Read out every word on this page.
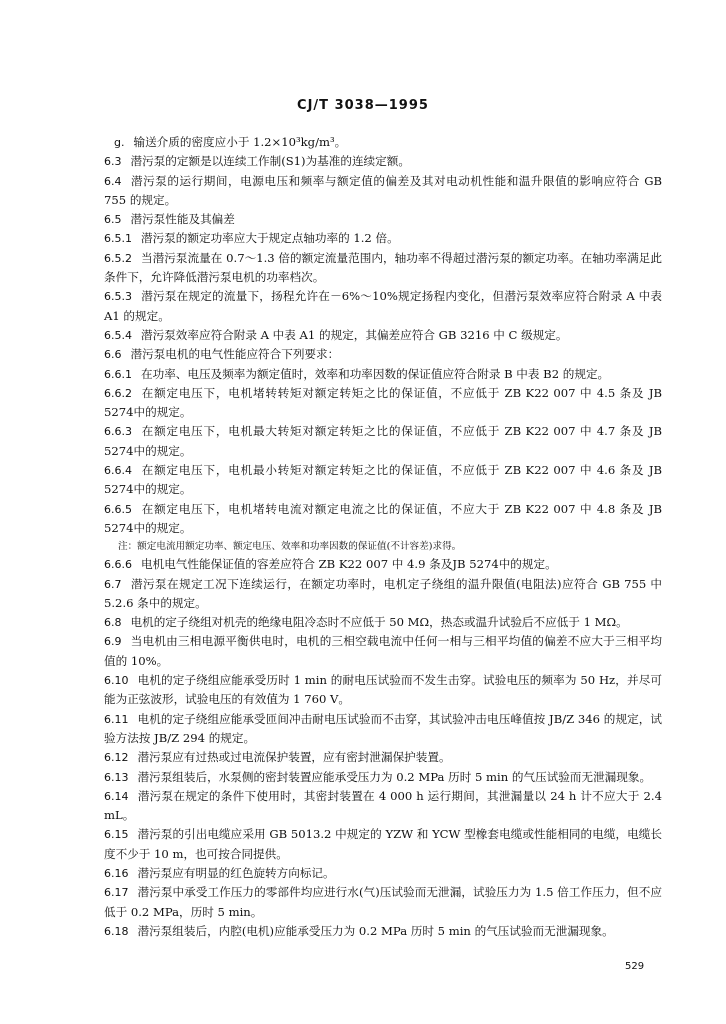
CJ/T 3038—1995

g. 输送介质的密度应小于 1.2×10³kg/m³。

6.3 潜污泵的定额是以连续工作制(S1)为基准的连续定额。

6.4 潜污泵的运行期间，电源电压和频率与额定值的偏差及其对电动机性能和温升限值的影响应符合 GB 755 的规定。

6.5 潜污泵性能及其偏差

6.5.1 潜污泵的额定功率应大于规定点轴功率的 1.2 倍。

6.5.2 当潜污泵流量在 0.7～1.3 倍的额定流量范围内，轴功率不得超过潜污泵的额定功率。在轴功率满足此条件下，允许降低潜污泵电机的功率档次。

6.5.3 潜污泵在规定的流量下，扬程允许在－6%～10%规定扬程内变化，但潜污泵效率应符合附录 A 中表 A1 的规定。

6.5.4 潜污泵效率应符合附录 A 中表 A1 的规定，其偏差应符合 GB 3216 中 C 级规定。

6.6 潜污泵电机的电气性能应符合下列要求：

6.6.1 在功率、电压及频率为额定值时，效率和功率因数的保证值应符合附录 B 中表 B2 的规定。

6.6.2 在额定电压下，电机堵转转矩对额定转矩之比的保证值，不应低于 ZB K22 007 中 4.5 条及 JB 5274中的规定。

6.6.3 在额定电压下，电机最大转矩对额定转矩之比的保证值，不应低于 ZB K22 007 中 4.7 条及 JB 5274中的规定。

6.6.4 在额定电压下，电机最小转矩对额定转矩之比的保证值，不应低于 ZB K22 007 中 4.6 条及 JB 5274中的规定。

6.6.5 在额定电压下，电机堵转电流对额定电流之比的保证值，不应大于 ZB K22 007 中 4.8 条及 JB 5274中的规定。

注：额定电流用额定功率、额定电压、效率和功率因数的保证值(不计容差)求得。

6.6.6 电机电气性能保证值的容差应符合 ZB K22 007 中 4.9 条及JB 5274中的规定。

6.7 潜污泵在规定工况下连续运行，在额定功率时，电机定子绕组的温升限值(电阻法)应符合 GB 755 中 5.2.6 条中的规定。

6.8 电机的定子绕组对机壳的绝缘电阻冷态时不应低于 50 MΩ，热态或温升试验后不应低于 1 MΩ。

6.9 当电机由三相电源平衡供电时，电机的三相空载电流中任何一相与三相平均值的偏差不应大于三相平均值的 10%。

6.10 电机的定子绕组应能承受历时 1 min 的耐电压试验而不发生击穿。试验电压的频率为 50 Hz，并尽可能为正弦波形，试验电压的有效值为 1 760 V。

6.11 电机的定子绕组应能承受匝间冲击耐电压试验而不击穿，其试验冲击电压峰值按 JB/Z 346 的规定，试验方法按 JB/Z 294 的规定。

6.12 潜污泵应有过热或过电流保护装置，应有密封泄漏保护装置。

6.13 潜污泵组装后，水泵侧的密封装置应能承受压力为 0.2 MPa 历时 5 min 的气压试验而无泄漏现象。

6.14 潜污泵在规定的条件下使用时，其密封装置在 4 000 h 运行期间，其泄漏量以 24 h 计不应大于 2.4 mL。

6.15 潜污泵的引出电缆应采用 GB 5013.2 中规定的 YZW 和 YCW 型橡套电缆或性能相同的电缆，电缆长度不少于 10 m，也可按合同提供。

6.16 潜污泵应有明显的红色旋转方向标记。

6.17 潜污泵中承受工作压力的零部件均应进行水(气)压试验而无泄漏，试验压力为 1.5 倍工作压力，但不应低于 0.2 MPa，历时 5 min。

6.18 潜污泵组装后，内腔(电机)应能承受压力为 0.2 MPa 历时 5 min 的气压试验而无泄漏现象。

529
